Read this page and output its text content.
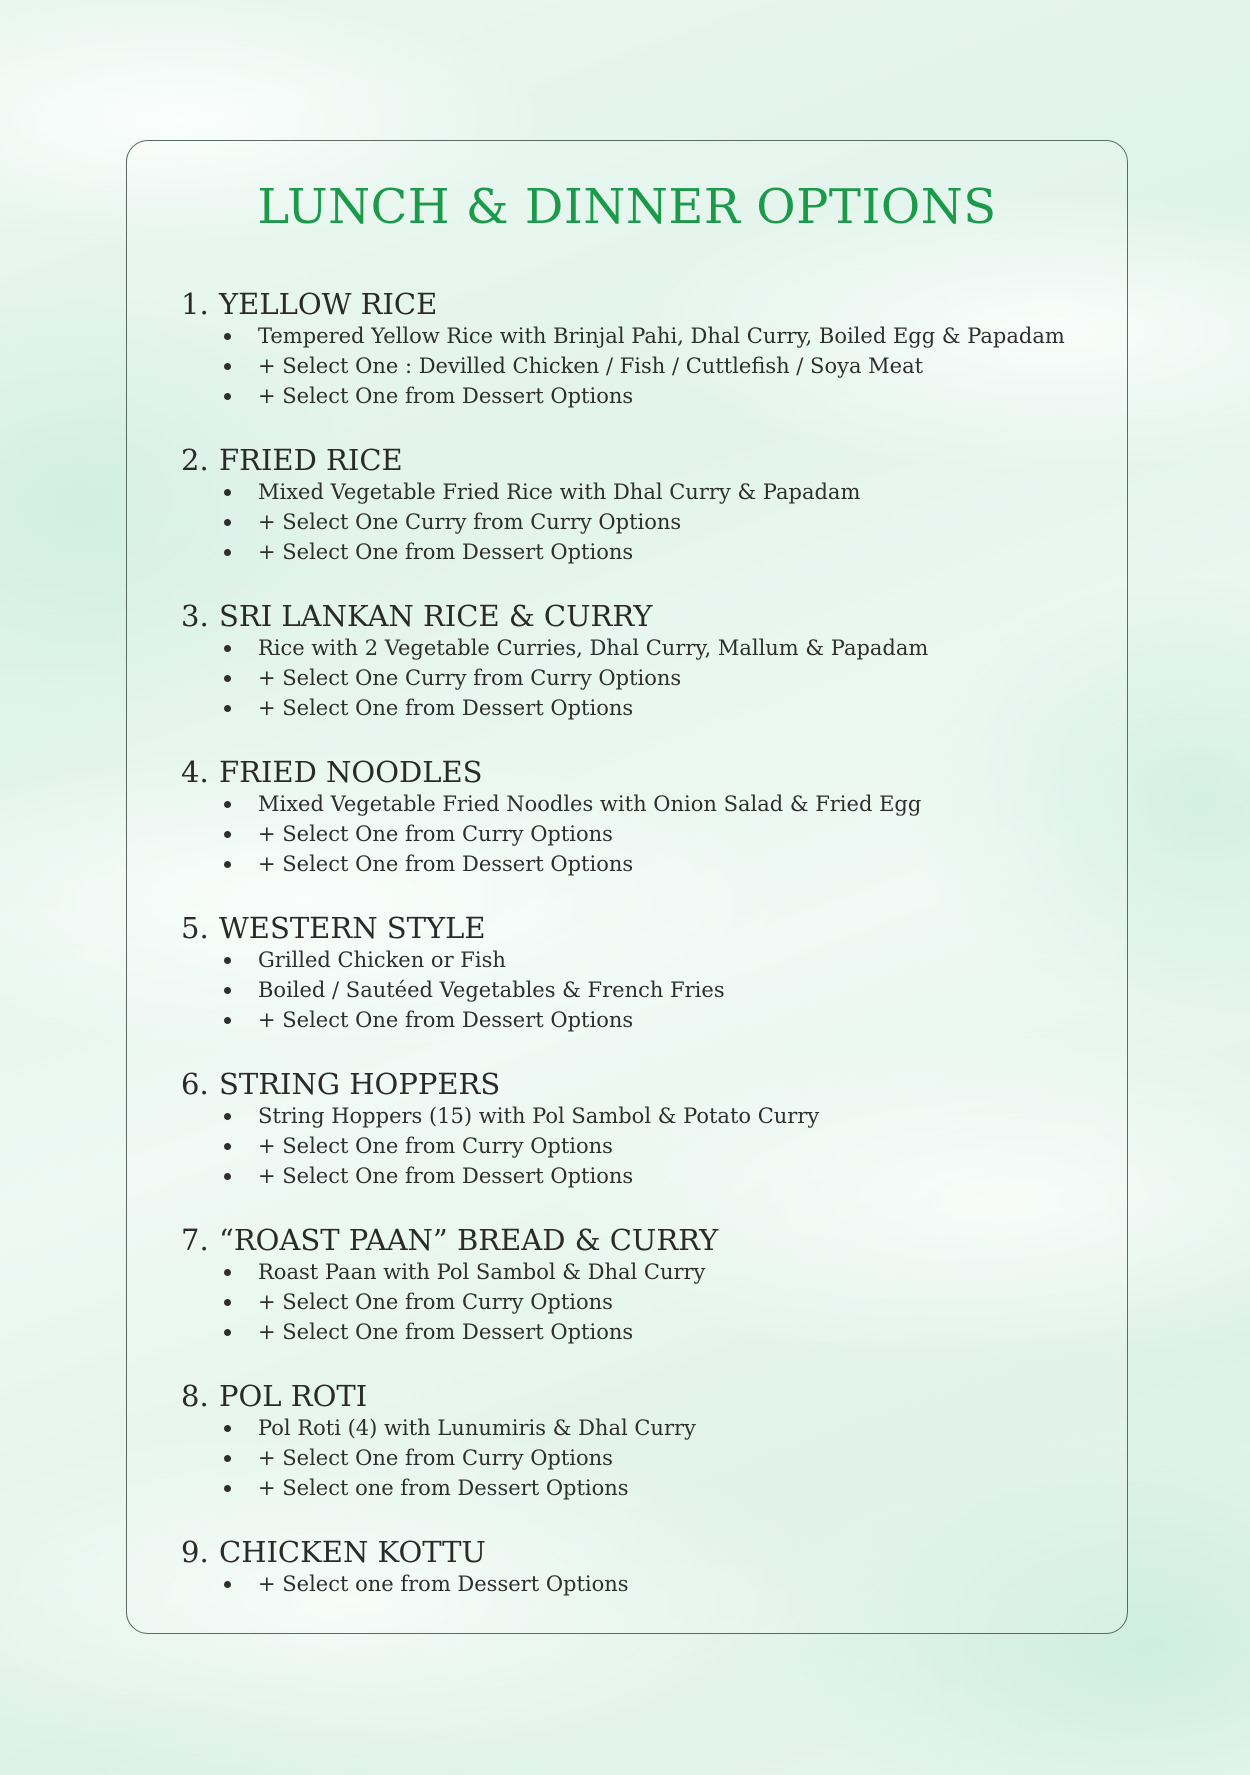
LUNCH & DINNER OPTIONS
1. YELLOW RICE
Tempered Yellow Rice with Brinjal Pahi, Dhal Curry, Boiled Egg & Papadam
+ Select One : Devilled Chicken / Fish / Cuttlefish / Soya Meat
+ Select One from Dessert Options
2. FRIED RICE
Mixed Vegetable Fried Rice with Dhal Curry & Papadam
+ Select One Curry from Curry Options
+ Select One from Dessert Options
3. SRI LANKAN RICE & CURRY
Rice with 2 Vegetable Curries, Dhal Curry, Mallum & Papadam
+ Select One Curry from Curry Options
+ Select One from Dessert Options
4. FRIED NOODLES
Mixed Vegetable Fried Noodles with Onion Salad & Fried Egg
+ Select One from Curry Options
+ Select One from Dessert Options
5. WESTERN STYLE
Grilled Chicken or Fish
Boiled / Sautéed Vegetables & French Fries
+ Select One from Dessert Options
6. STRING HOPPERS
String Hoppers (15) with Pol Sambol & Potato Curry
+ Select One from Curry Options
+ Select One from Dessert Options
7. “ROAST PAAN” BREAD & CURRY
Roast Paan with Pol Sambol & Dhal Curry
+ Select One from Curry Options
+ Select One from Dessert Options
8. POL ROTI
Pol Roti (4) with Lunumiris & Dhal Curry
+ Select One from Curry Options
+ Select one from Dessert Options
9. CHICKEN KOTTU
+ Select one from Dessert Options
